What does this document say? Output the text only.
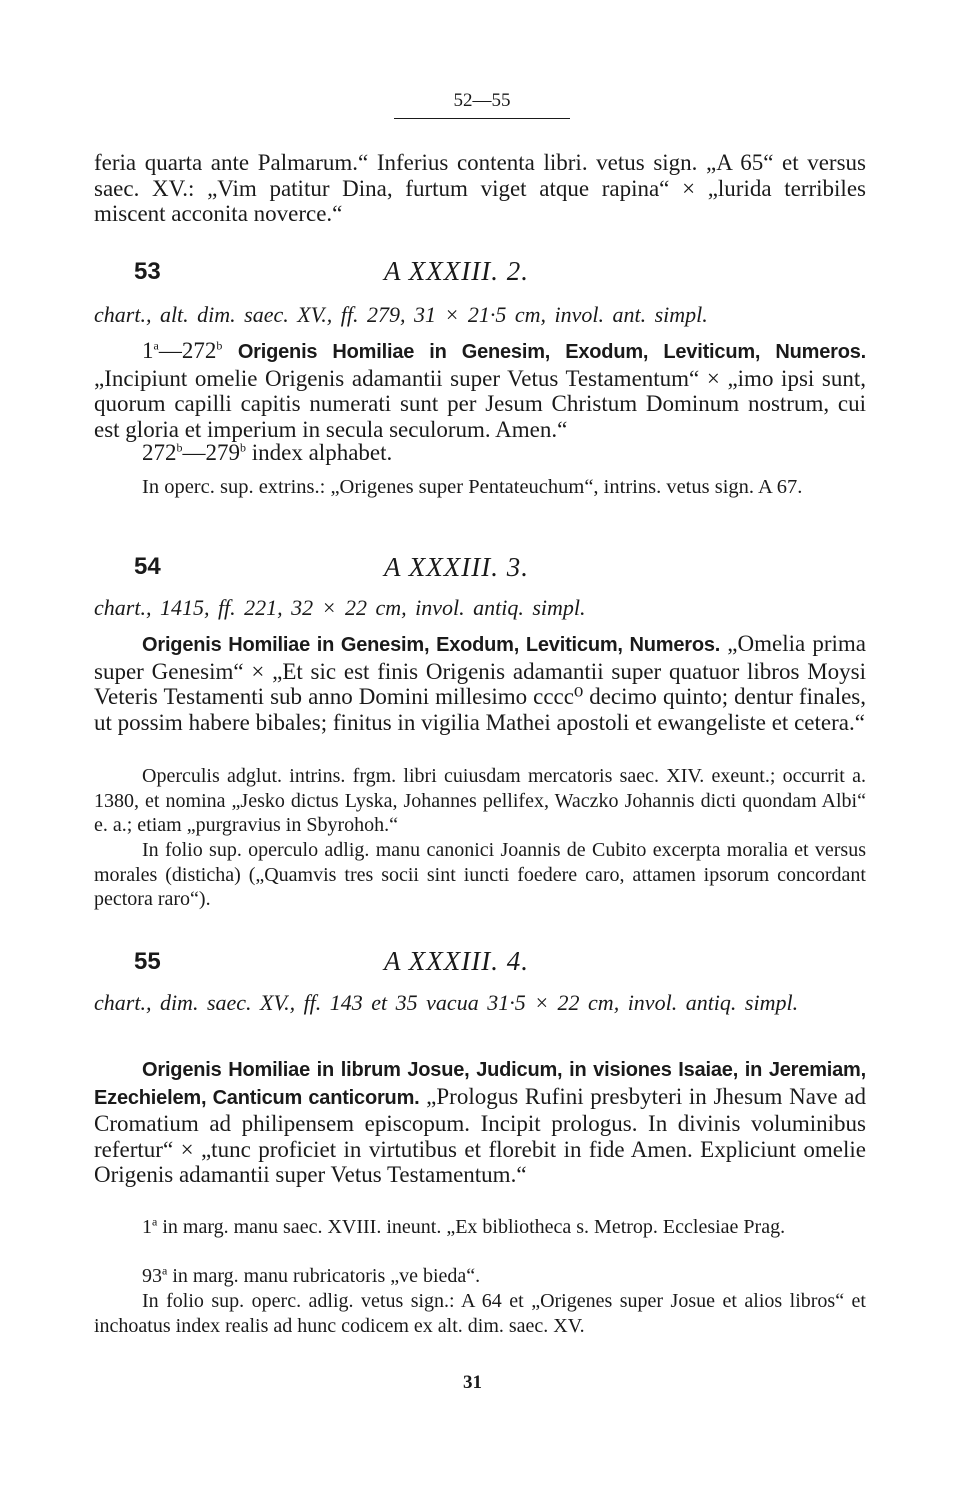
52—55
feria quarta ante Palmarum.“ Inferius contenta libri. vetus sign. „A 65“ et versus saec. XV.: „Vim patitur Dina, furtum viget atque rapina“ × „lurida terribiles miscent acconita noverce.“
53	A XXXIII. 2.
chart., alt. dim. saec. XV., ff. 279, 31 × 21·5 cm, invol. ant. simpl.
1$^a$—272$^b$ Origenis Homiliae in Genesim, Exodum, Leviticum, Numeros. „Incipiunt omelie Origenis adamantii super Vetus Testamentum“ × „imo ipsi sunt, quorum capilli capitis numerati sunt per Jesum Christum Dominum nostrum, cui est gloria et imperium in secula seculorum. Amen.“
272$^b$—279$^b$ index alphabet.
In operc. sup. extrins.: „Origenes super Pentateuchum“, intrins. vetus sign. A 67.
54	A XXXIII. 3.
chart., 1415, ff. 221, 32 × 22 cm, invol. antiq. simpl.
Origenis Homiliae in Genesim, Exodum, Leviticum, Numeros. „Omelia prima super Genesim“ × „Et sic est finis Origenis adamantii super quatuor libros Moysi Veteris Testamenti sub anno Domini millesimo cccc⁰ decimo quinto; dentur finales, ut possim habere bibales; finitus in vigilia Mathei apostoli et ewangeliste et cetera.“
Operculis adglut. intrins. frgm. libri cuiusdam mercatoris saec. XIV. exeunt.; occurrit a. 1380, et nomina „Jesko dictus Lyska, Johannes pellifex, Waczko Johannis dicti quondam Albi“ e. a.; etiam „purgravius in Sbyrohoh.“
In folio sup. operculo adlig. manu canonici Joannis de Cubito excerpta moralia et versus morales (disticha) („Quamvis tres socii sint iuncti foedere caro, attamen ipsorum concordant pectora raro“).
55	A XXXIII. 4.
chart., dim. saec. XV., ff. 143 et 35 vacua 31·5 × 22 cm, invol. antiq. simpl.
Origenis Homiliae in librum Josue, Judicum, in visiones Isaiae, in Jeremiam, Ezechielem, Canticum canticorum. „Prologus Rufini presbyteri in Jhesum Nave ad Cromatium ad philipensem episcopum. Incipit prologus. In divinis voluminibus refertur“ × „tunc proficiet in virtutibus et florebit in fide Amen. Expliciunt omelie Origenis adamantii super Vetus Testamentum.“
1$^a$ in marg. manu saec. XVIII. ineunt. „Ex bibliotheca s. Metrop. Ecclesiae Prag.
93$^a$ in marg. manu rubricatoris „ve bieda“.
In folio sup. operc. adlig. vetus sign.: A 64 et „Origenes super Josue et alios libros“ et inchoatus index realis ad hunc codicem ex alt. dim. saec. XV.
31
